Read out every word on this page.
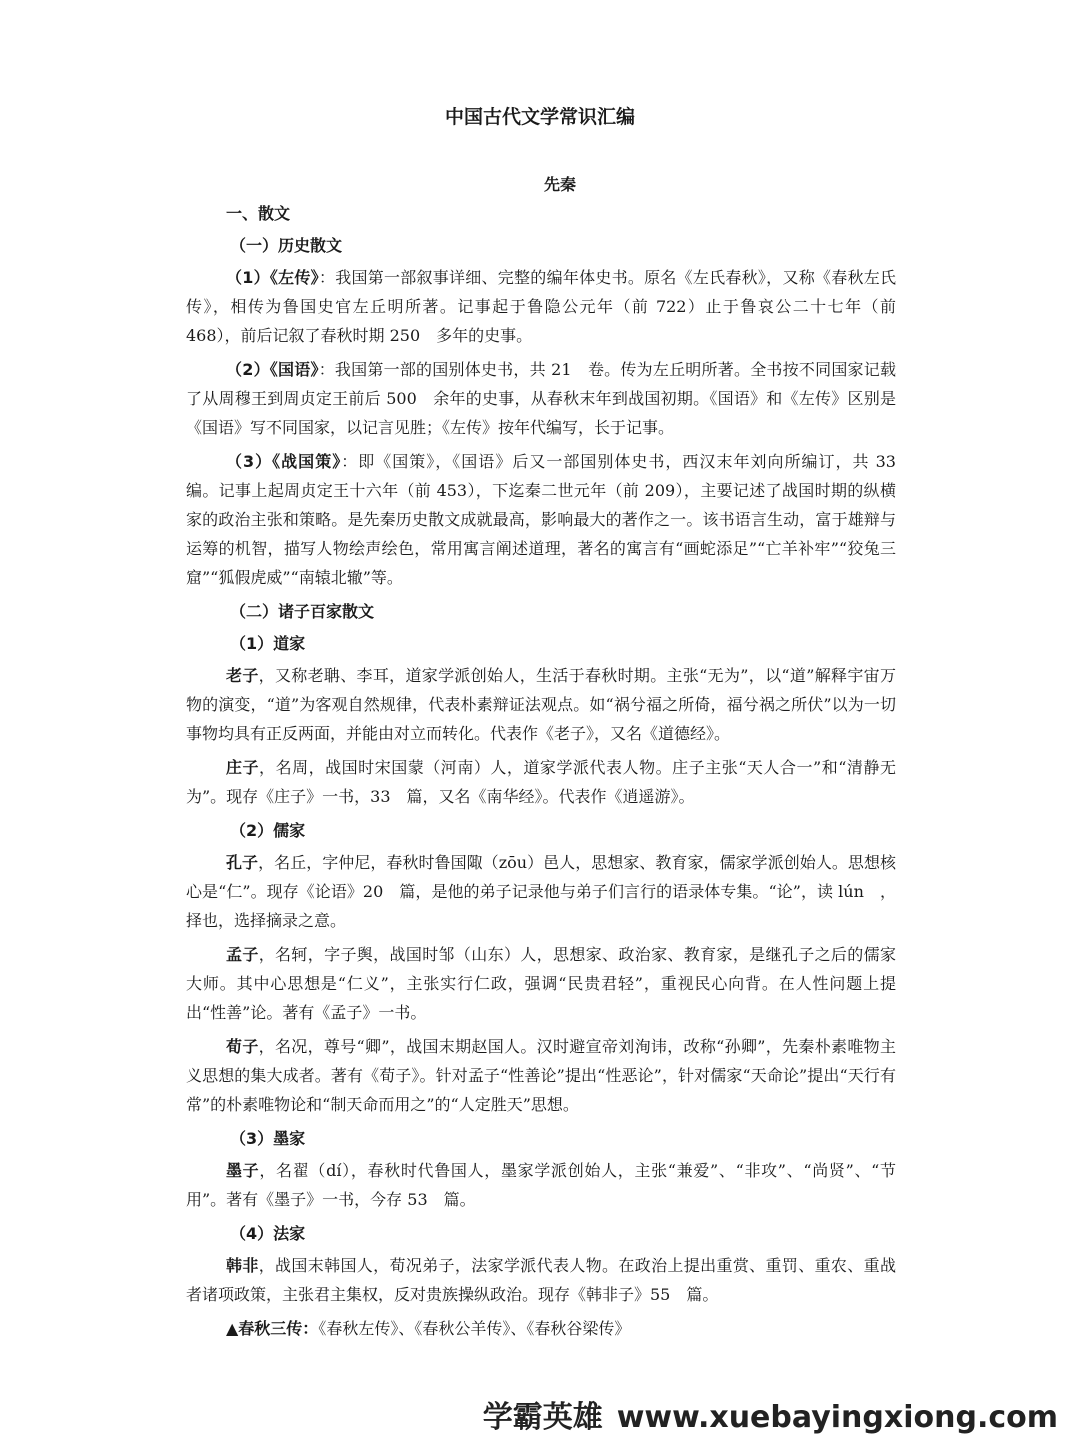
中国古代文学常识汇编
先秦
一、散文
（一）历史散文

（1）《左传》：我国第一部叙事详细、完整的编年体史书。原名《左氏春秋》，又称《春秋左氏传》，相传为鲁国史官左丘明所著。记事起于鲁隐公元年（前 722）止于鲁哀公二十七年（前 468），前后记叙了春秋时期 250　多年的史事。

（2）《国语》：我国第一部的国别体史书，共 21　卷。传为左丘明所著。全书按不同国家记载了从周穆王到周贞定王前后 500　余年的史事，从春秋末年到战国初期。《国语》和《左传》区别是《国语》写不同国家，以记言见胜；《左传》按年代编写，长于记事。

（3）《战国策》：即《国策》，《国语》后又一部国别体史书，西汉末年刘向所编订，共 33　编。记事上起周贞定王十六年（前 453），下迄秦二世元年（前 209），主要记述了战国时期的纵横家的政治主张和策略。是先秦历史散文成就最高，影响最大的著作之一。该书语言生动，富于雄辩与运筹的机智，描写人物绘声绘色，常用寓言阐述道理，著名的寓言有“画蛇添足”“亡羊补牢”“狡兔三窟”“狐假虎威”“南辕北辙”等。

（二）诸子百家散文
（1）道家

老子，又称老聃、李耳，道家学派创始人，生活于春秋时期。主张“无为”，以“道”解释宇宙万物的演变，“道”为客观自然规律，代表朴素辩证法观点。如“祸兮福之所倚，福兮祸之所伏”以为一切事物均具有正反两面，并能由对立而转化。代表作《老子》，又名《道德经》。

庄子，名周，战国时宋国蒙（河南）人，道家学派代表人物。庄子主张“天人合一”和“清静无为”。现存《庄子》一书，33　篇，又名《南华经》。代表作《逍遥游》。

（2）儒家

孔子，名丘，字仲尼，春秋时鲁国陬（zōu）邑人，思想家、教育家，儒家学派创始人。思想核心是“仁”。现存《论语》20　篇，是他的弟子记录他与弟子们言行的语录体专集。“论”，读 lún　，择也，选择摘录之意。

孟子，名轲，字子舆，战国时邹（山东）人，思想家、政治家、教育家，是继孔子之后的儒家大师。其中心思想是“仁义”，主张实行仁政，强调“民贵君轻”，重视民心向背。在人性问题上提出“性善”论。著有《孟子》一书。

荀子，名况，尊号“卿”，战国末期赵国人。汉时避宣帝刘洵讳，改称“孙卿”，先秦朴素唯物主义思想的集大成者。著有《荀子》。针对孟子“性善论”提出“性恶论”，针对儒家“天命论”提出“天行有常”的朴素唯物论和“制天命而用之”的“人定胜天”思想。

（3）墨家

墨子，名翟（dí），春秋时代鲁国人，墨家学派创始人，主张“兼爱”、“非攻”、“尚贤”、“节用”。著有《墨子》一书，今存 53　篇。

（4）法家

韩非，战国末韩国人，荀况弟子，法家学派代表人物。在政治上提出重赏、重罚、重农、重战者诸项政策，主张君主集权，反对贵族操纵政治。现存《韩非子》55　篇。

▲春秋三传：《春秋左传》、《春秋公羊传》、《春秋谷梁传》

学霸英雄 www.xuebayingxiong.com
